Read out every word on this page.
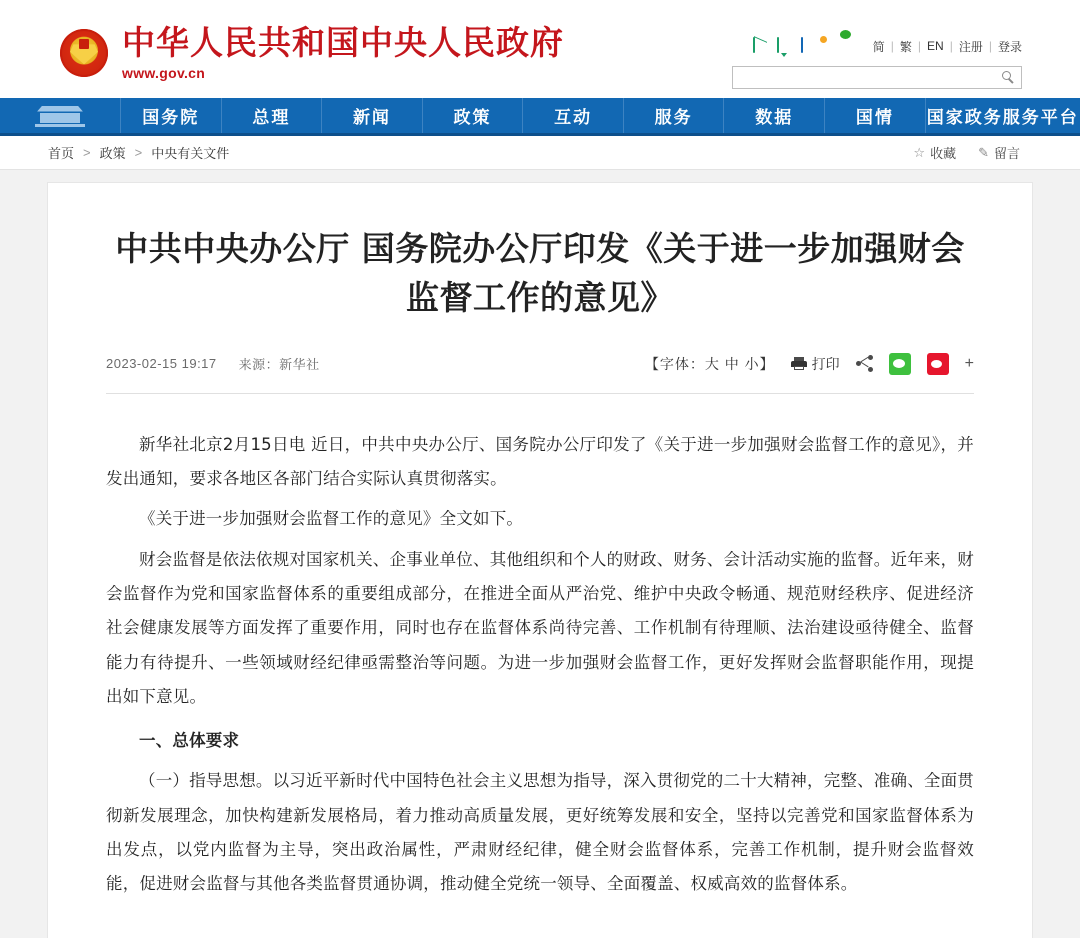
中华人民共和国中央人民政府
www.gov.cn
简 | 繁 | EN | 注册 | 登录
国务院	总理	新闻	政策	互动	服务	数据	国情	国家政务服务平台
首页 > 政策 > 中央有关文件	☆ 收藏 ✎ 留言
中共中央办公厅 国务院办公厅印发《关于进一步加强财会监督工作的意见》
2023-02-15 19:17 来源：新华社	【字体：大 中 小】	打印	+

新华社北京2月15日电 近日，中共中央办公厅、国务院办公厅印发了《关于进一步加强财会监督工作的意见》，并发出通知，要求各地区各部门结合实际认真贯彻落实。

《关于进一步加强财会监督工作的意见》全文如下。

财会监督是依法依规对国家机关、企事业单位、其他组织和个人的财政、财务、会计活动实施的监督。近年来，财会监督作为党和国家监督体系的重要组成部分，在推进全面从严治党、维护中央政令畅通、规范财经秩序、促进经济社会健康发展等方面发挥了重要作用，同时也存在监督体系尚待完善、工作机制有待理顺、法治建设亟待健全、监督能力有待提升、一些领域财经纪律亟需整治等问题。为进一步加强财会监督工作，更好发挥财会监督职能作用，现提出如下意见。

一、总体要求

（一）指导思想。以习近平新时代中国特色社会主义思想为指导，深入贯彻党的二十大精神，完整、准确、全面贯彻新发展理念，加快构建新发展格局，着力推动高质量发展，更好统筹发展和安全，坚持以完善党和国家监督体系为出发点，以党内监督为主导，突出政治属性，严肃财经纪律，健全财会监督体系，完善工作机制，提升财会监督效能，促进财会监督与其他各类监督贯通协调，推动健全党统一领导、全面覆盖、权威高效的监督体系。
